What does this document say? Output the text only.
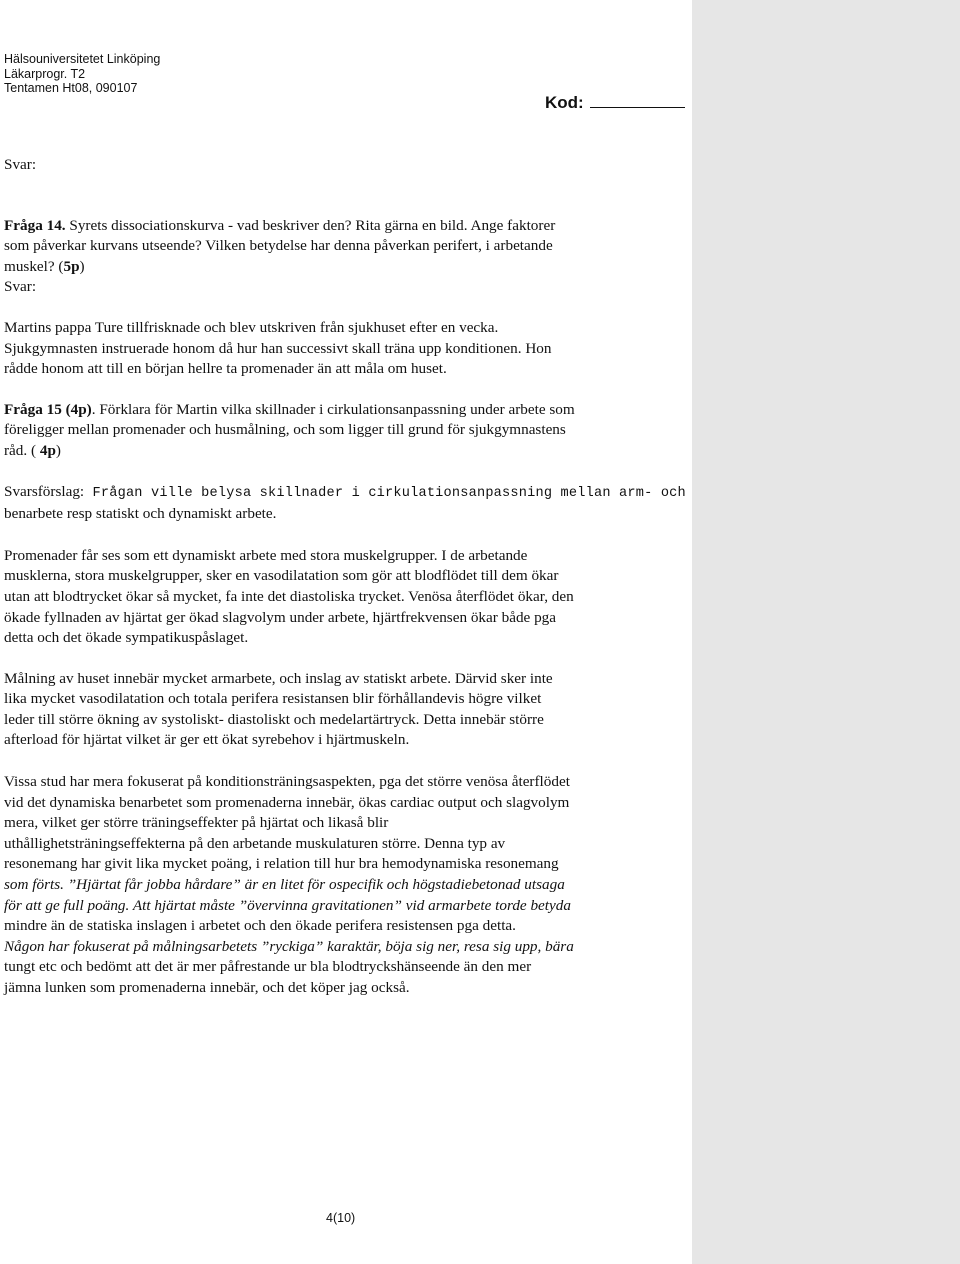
Hälsouniversitetet Linköping
Läkarprogr. T2
Tentamen Ht08, 090107
Kod:

Svar:

Fråga 14. Syrets dissociationskurva - vad beskriver den? Rita gärna en bild. Ange faktorer
som påverkar kurvans utseende? Vilken betydelse har denna påverkan perifert, i arbetande
muskel? (5p)

Svar:

Martins pappa Ture tillfrisknade och blev utskriven från sjukhuset efter en vecka.
Sjukgymnasten instruerade honom då hur han successivt skall träna upp konditionen. Hon
rådde honom att till en början hellre ta promenader än att måla om huset.

Fråga 15 (4p). Förklara för Martin vilka skillnader i cirkulationsanpassning under arbete som
föreligger mellan promenader och husmålning, och som ligger till grund för sjukgymnastens
råd. ( 4p)

Svarsförslag: Frågan ville belysa skillnader i cirkulationsanpassning mellan arm- och
benarbete resp statiskt och dynamiskt arbete.

Promenader får ses som ett dynamiskt arbete med stora muskelgrupper. I de arbetande
musklerna, stora muskelgrupper, sker en vasodilatation som gör att blodflödet till dem ökar
utan att blodtrycket ökar så mycket, fa inte det diastoliska trycket. Venösa återflödet ökar, den
ökade fyllnaden av hjärtat ger ökad slagvolym under arbete, hjärtfrekvensen ökar både pga
detta och det ökade sympatikuspåslaget.

Målning av huset innebär mycket armarbete, och inslag av statiskt arbete. Därvid sker inte
lika mycket vasodilatation och totala perifera resistansen blir förhållandevis högre vilket
leder till större ökning av systoliskt- diastoliskt och medelartärtryck. Detta innebär större
afterload för hjärtat vilket är ger ett ökat syrebehov i hjärtmuskeln.

Vissa stud har mera fokuserat på konditionsträningsaspekten, pga det större venösa återflödet
vid det dynamiska benarbetet som promenaderna innebär, ökas cardiac output och slagvolym
mera, vilket ger större träningseffekter på hjärtat och likaså blir
uthållighetsträningseffekterna på den arbetande muskulaturen större. Denna typ av
resonemang har givit lika mycket poäng, i relation till hur bra hemodynamiska resonemang
som förts. ”Hjärtat får jobba hårdare” är en litet för ospecifik och högstadiebetonad utsaga
för att ge full poäng. Att hjärtat måste ”övervinna gravitationen” vid armarbete torde betyda
mindre än de statiska inslagen i arbetet och den ökade perifera resistensen pga detta.
Någon har fokuserat på målningsarbetets ”ryckiga” karaktär, böja sig ner, resa sig upp, bära
tungt etc och bedömt att det är mer påfrestande ur bla blodtryckshänseende än den mer
jämna lunken som promenaderna innebär, och det köper jag också.

4(10)
